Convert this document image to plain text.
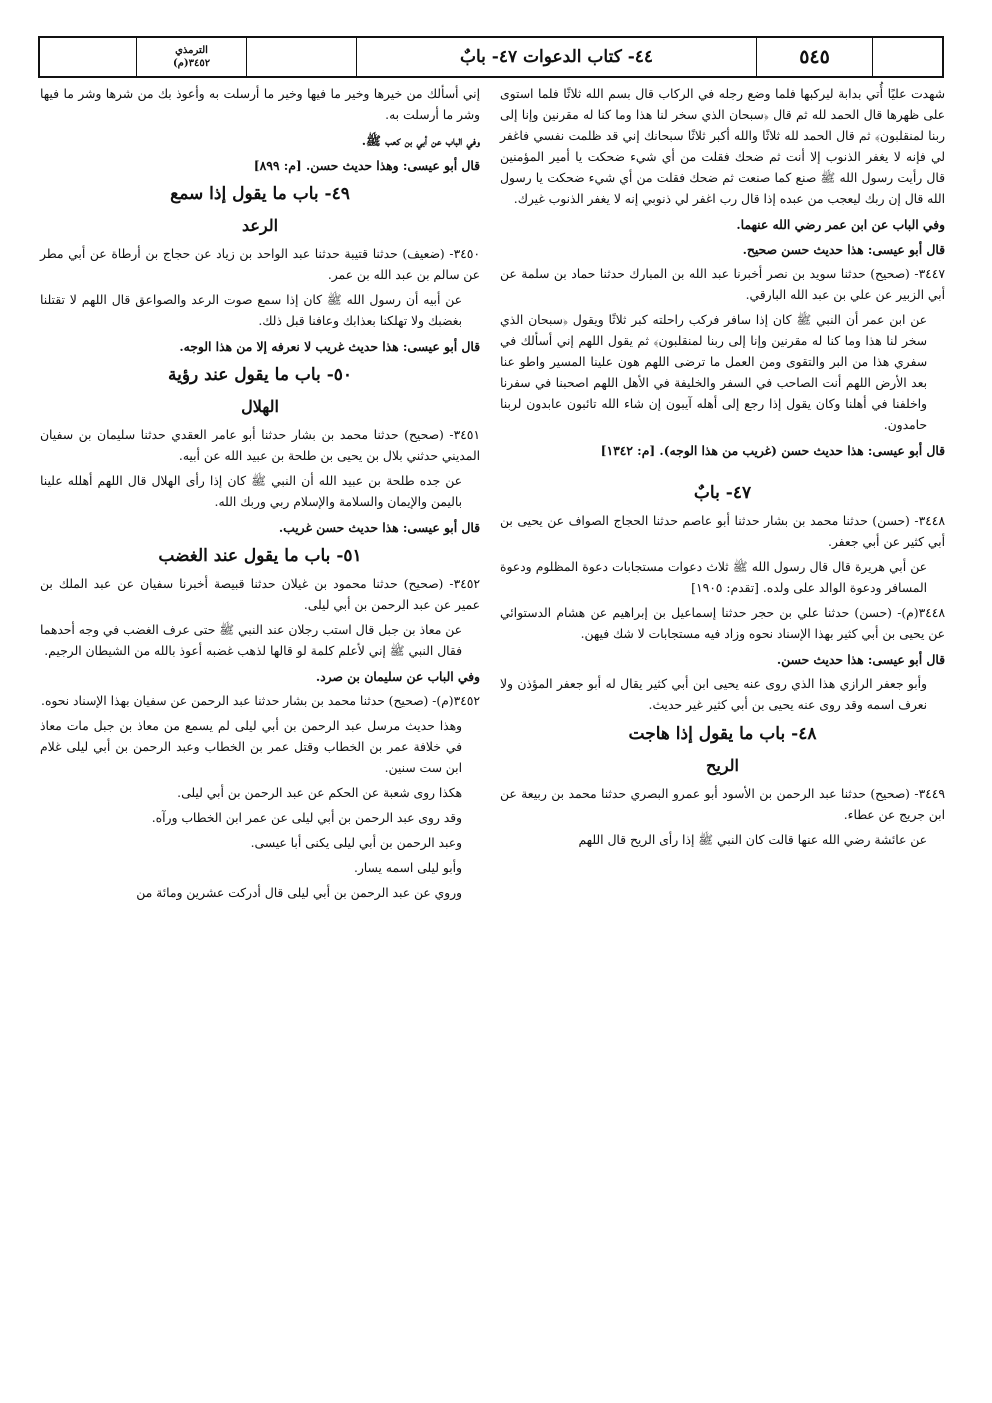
٥٤٥
٤٤- كتاب الدعوات ٤٧- بابٌ
الترمذي
٣٤٥٢(م)

شهدت عليًا أُتي بدابة ليركبها فلما وضع رجله في الركاب قال بسم الله ثلاثًا فلما استوى على ظهرها قال الحمد لله ثم قال ﴿سبحان الذي سخر لنا هذا وما كنا له مقرنين وإنا إلى ربنا لمنقلبون﴾ ثم قال الحمد لله ثلاثًا والله أكبر ثلاثًا سبحانك إني قد ظلمت نفسي فاغفر لي فإنه لا يغفر الذنوب إلا أنت ثم ضحك فقلت من أي شيء ضحكت يا أمير المؤمنين قال رأيت رسول الله ﷺ صنع كما صنعت ثم ضحك فقلت من أي شيء ضحكت يا رسول الله قال إن ربك ليعجب من عبده إذا قال رب اغفر لي ذنوبي إنه لا يغفر الذنوب غيرك.

وفي الباب عن ابن عمر رضي الله عنهما.

قال أبو عيسى: هذا حديث حسن صحيح.

٣٤٤٧- (صحيح) حدثنا سويد بن نصر أخبرنا عبد الله بن المبارك حدثنا حماد بن سلمة عن أبي الزبير عن علي بن عبد الله البارقي.

عن ابن عمر أن النبي ﷺ كان إذا سافر فركب راحلته كبر ثلاثًا ويقول ﴿سبحان الذي سخر لنا هذا وما كنا له مقرنين وإنا إلى ربنا لمنقلبون﴾ ثم يقول اللهم إني أسألك في سفري هذا من البر والتقوى ومن العمل ما ترضى اللهم هون علينا المسير واطو عنا بعد الأرض اللهم أنت الصاحب في السفر والخليفة في الأهل اللهم اصحبنا في سفرنا واخلفنا في أهلنا وكان يقول إذا رجع إلى أهله آيبون إن شاء الله تائبون عابدون لربنا حامدون.

قال أبو عيسى: هذا حديث حسن (غريب من هذا الوجه). [م: ١٣٤٢]

٤٧- بابٌ

٣٤٤٨- (حسن) حدثنا محمد بن بشار حدثنا أبو عاصم حدثنا الحجاج الصواف عن يحيى بن أبي كثير عن أبي جعفر.

عن أبي هريرة قال قال رسول الله ﷺ ثلاث دعوات مستجابات دعوة المظلوم ودعوة المسافر ودعوة الوالد على ولده. [تقدم: ١٩٠٥]

٣٤٤٨(م)- (حسن) حدثنا علي بن حجر حدثنا إسماعيل بن إبراهيم عن هشام الدستوائي عن يحيى بن أبي كثير بهذا الإسناد نحوه وزاد فيه مستجابات لا شك فيهن.

قال أبو عيسى: هذا حديث حسن.

وأبو جعفر الرازي هذا الذي روى عنه يحيى ابن أبي كثير يقال له أبو جعفر المؤذن ولا نعرف اسمه وقد روى عنه يحيى بن أبي كثير غير حديث.

٤٨- باب ما يقول إذا هاجت
الريح

٣٤٤٩- (صحيح) حدثنا عبد الرحمن بن الأسود أبو عمرو البصري حدثنا محمد بن ربيعة عن ابن جريج عن عطاء.

عن عائشة رضي الله عنها قالت كان النبي ﷺ إذا رأى الريح قال اللهم

إني أسألك من خيرها وخير ما فيها وخير ما أرسلت به وأعوذ بك من شرها وشر ما فيها وشر ما أرسلت به.

وفي الباب عن أبي بن كعب ﷺ.

قال أبو عيسى: وهذا حديث حسن. [م: ٨٩٩]

٤٩- باب ما يقول إذا سمع
الرعد

٣٤٥٠- (ضعيف) حدثنا قتيبة حدثنا عبد الواحد بن زياد عن حجاج بن أرطاة عن أبي مطر عن سالم بن عبد الله بن عمر.

عن أبيه أن رسول الله ﷺ كان إذا سمع صوت الرعد والصواعق قال اللهم لا تقتلنا بغضبك ولا تهلكنا بعذابك وعافنا قبل ذلك.

قال أبو عيسى: هذا حديث غريب لا نعرفه إلا من هذا الوجه.

٥٠- باب ما يقول عند رؤية
الهلال

٣٤٥١- (صحيح) حدثنا محمد بن بشار حدثنا أبو عامر العقدي حدثنا سليمان بن سفيان المديني حدثني بلال بن يحيى بن طلحة بن عبيد الله عن أبيه.

عن جده طلحة بن عبيد الله أن النبي ﷺ كان إذا رأى الهلال قال اللهم أهلله علينا باليمن والإيمان والسلامة والإسلام ربي وربك الله.

قال أبو عيسى: هذا حديث حسن غريب.

٥١- باب ما يقول عند الغضب

٣٤٥٢- (صحيح) حدثنا محمود بن غيلان حدثنا قبيصة أخبرنا سفيان عن عبد الملك بن عمير عن عبد الرحمن بن أبي ليلى.

عن معاذ بن جبل قال استب رجلان عند النبي ﷺ حتى عرف الغضب في وجه أحدهما فقال النبي ﷺ إني لأعلم كلمة لو قالها لذهب غضبه أعوذ بالله من الشيطان الرجيم.

وفي الباب عن سليمان بن صرد.

٣٤٥٢(م)- (صحيح) حدثنا محمد بن بشار حدثنا عبد الرحمن عن سفيان بهذا الإسناد نحوه.

وهذا حديث مرسل عبد الرحمن بن أبي ليلى لم يسمع من معاذ بن جبل مات معاذ في خلافة عمر بن الخطاب وقتل عمر بن الخطاب وعبد الرحمن بن أبي ليلى غلام ابن ست سنين.

هكذا روى شعبة عن الحكم عن عبد الرحمن بن أبي ليلى.

وقد روى عبد الرحمن بن أبي ليلى عن عمر ابن الخطاب ورآه.

وعبد الرحمن بن أبي ليلى يكنى أبا عيسى.

وأبو ليلى اسمه يسار.

وروي عن عبد الرحمن بن أبي ليلى قال أدركت عشرين ومائة من
